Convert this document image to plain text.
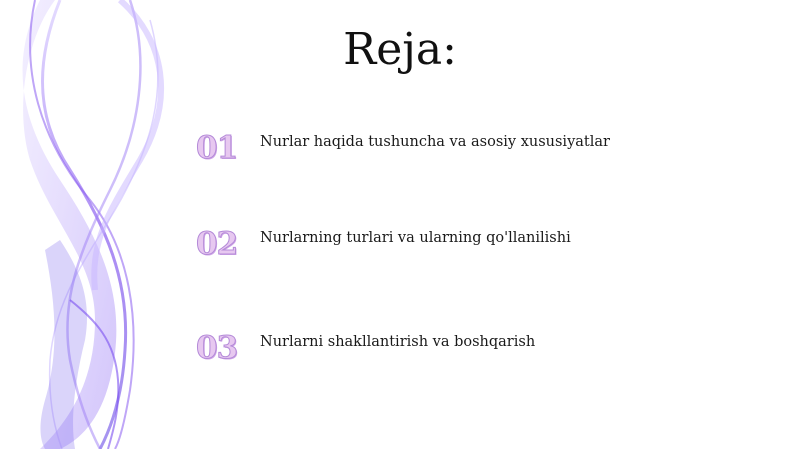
Reja:
01	Nurlar haqida tushuncha va asosiy xususiyatlar
02	Nurlarning turlari va ularning qo'llanilishi
03	Nurlarni shakllantirish va boshqarish
